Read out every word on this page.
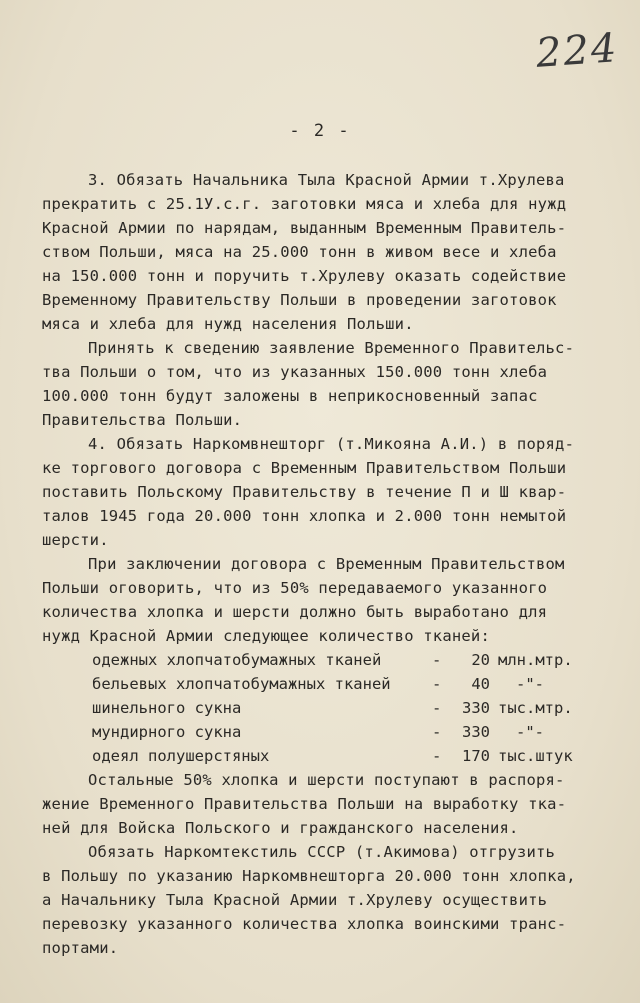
224
- 2 -
3. Обязать Начальника Тыла Красной Армии т.Хрулева
прекратить с 25.1У.с.г. заготовки мяса и хлеба для нужд
Красной Армии по нарядам, выданным Временным Правитель-
ством Польши, мяса на 25.000 тонн в живом весе и хлеба
на 150.000 тонн и поручить т.Хрулеву оказать содействие
Временному Правительству Польши в проведении заготовок
мяса и хлеба для нужд населения Польши.
Принять к сведению заявление Временного Правительс-
тва Польши о том, что из указанных 150.000 тонн хлеба
100.000 тонн будут заложены в неприкосновенный запас
Правительства Польши.
4. Обязать Наркомвнешторг (т.Микояна А.И.) в поряд-
ке торгового договора с Временным Правительством Польши
поставить Польскому Правительству в течение П и Ш квар-
талов 1945 года 20.000 тонн хлопка и 2.000 тонн немытой
шерсти.
При заключении договора с Временным Правительством
Польши оговорить, что из 50% передаваемого указанного
количества хлопка и шерсти должно быть выработано для
нужд Красной Армии следующее количество тканей:
одежных хлопчатобумажных тканей	-	20 млн.мтр.
бельевых хлопчатобумажных тканей	-	40 -"-
шинельного сукна	-	330 тыс.мтр.
мундирного сукна	-	330 -"-
одеял полушерстяных	-	170 тыс.штук
Остальные 50% хлопка и шерсти поступают в распоря-
жение Временного Правительства Польши на выработку тка-
ней для Войска Польского и гражданского населения.
Обязать Наркомтекстиль СССР (т.Акимова) отгрузить
в Польшу по указанию Наркомвнешторга 20.000 тонн хлопка,
а Начальнику Тыла Красной Армии т.Хрулеву осуществить
перевозку указанного количества хлопка воинскими транс-
портами.
